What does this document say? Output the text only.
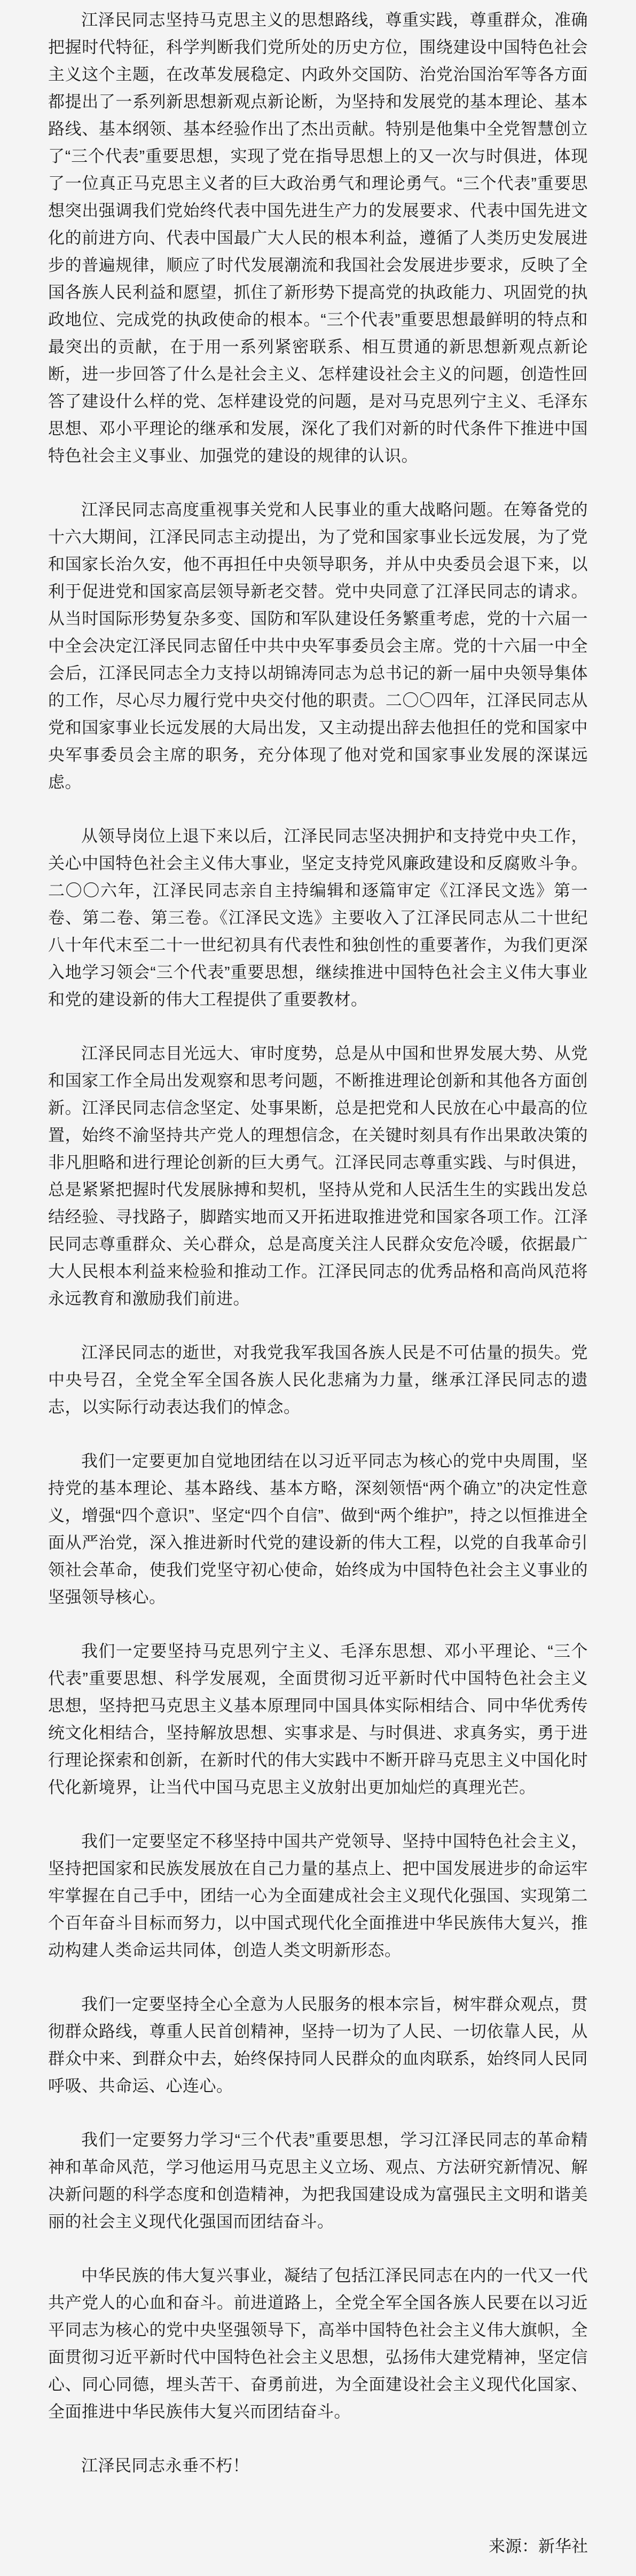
江泽民同志坚持马克思主义的思想路线，尊重实践，尊重群众，准确把握时代特征，科学判断我们党所处的历史方位，围绕建设中国特色社会主义这个主题，在改革发展稳定、内政外交国防、治党治国治军等各方面都提出了一系列新思想新观点新论断，为坚持和发展党的基本理论、基本路线、基本纲领、基本经验作出了杰出贡献。特别是他集中全党智慧创立了“三个代表”重要思想，实现了党在指导思想上的又一次与时俱进，体现了一位真正马克思主义者的巨大政治勇气和理论勇气。“三个代表”重要思想突出强调我们党始终代表中国先进生产力的发展要求、代表中国先进文化的前进方向、代表中国最广大人民的根本利益，遵循了人类历史发展进步的普遍规律，顺应了时代发展潮流和我国社会发展进步要求，反映了全国各族人民利益和愿望，抓住了新形势下提高党的执政能力、巩固党的执政地位、完成党的执政使命的根本。“三个代表”重要思想最鲜明的特点和最突出的贡献，在于用一系列紧密联系、相互贯通的新思想新观点新论断，进一步回答了什么是社会主义、怎样建设社会主义的问题，创造性回答了建设什么样的党、怎样建设党的问题，是对马克思列宁主义、毛泽东思想、邓小平理论的继承和发展，深化了我们对新的时代条件下推进中国特色社会主义事业、加强党的建设的规律的认识。

江泽民同志高度重视事关党和人民事业的重大战略问题。在筹备党的十六大期间，江泽民同志主动提出，为了党和国家事业长远发展，为了党和国家长治久安，他不再担任中央领导职务，并从中央委员会退下来，以利于促进党和国家高层领导新老交替。党中央同意了江泽民同志的请求。从当时国际形势复杂多变、国防和军队建设任务繁重考虑，党的十六届一中全会决定江泽民同志留任中共中央军事委员会主席。党的十六届一中全会后，江泽民同志全力支持以胡锦涛同志为总书记的新一届中央领导集体的工作，尽心尽力履行党中央交付他的职责。二〇〇四年，江泽民同志从党和国家事业长远发展的大局出发，又主动提出辞去他担任的党和国家中央军事委员会主席的职务，充分体现了他对党和国家事业发展的深谋远虑。

从领导岗位上退下来以后，江泽民同志坚决拥护和支持党中央工作，关心中国特色社会主义伟大事业，坚定支持党风廉政建设和反腐败斗争。二〇〇六年，江泽民同志亲自主持编辑和逐篇审定《江泽民文选》第一卷、第二卷、第三卷。《江泽民文选》主要收入了江泽民同志从二十世纪八十年代末至二十一世纪初具有代表性和独创性的重要著作，为我们更深入地学习领会“三个代表”重要思想，继续推进中国特色社会主义伟大事业和党的建设新的伟大工程提供了重要教材。

江泽民同志目光远大、审时度势，总是从中国和世界发展大势、从党和国家工作全局出发观察和思考问题，不断推进理论创新和其他各方面创新。江泽民同志信念坚定、处事果断，总是把党和人民放在心中最高的位置，始终不渝坚持共产党人的理想信念，在关键时刻具有作出果敢决策的非凡胆略和进行理论创新的巨大勇气。江泽民同志尊重实践、与时俱进，总是紧紧把握时代发展脉搏和契机，坚持从党和人民活生生的实践出发总结经验、寻找路子，脚踏实地而又开拓进取推进党和国家各项工作。江泽民同志尊重群众、关心群众，总是高度关注人民群众安危冷暖，依据最广大人民根本利益来检验和推动工作。江泽民同志的优秀品格和高尚风范将永远教育和激励我们前进。

江泽民同志的逝世，对我党我军我国各族人民是不可估量的损失。党中央号召，全党全军全国各族人民化悲痛为力量，继承江泽民同志的遗志，以实际行动表达我们的悼念。

我们一定要更加自觉地团结在以习近平同志为核心的党中央周围，坚持党的基本理论、基本路线、基本方略，深刻领悟“两个确立”的决定性意义，增强“四个意识”、坚定“四个自信”、做到“两个维护”，持之以恒推进全面从严治党，深入推进新时代党的建设新的伟大工程，以党的自我革命引领社会革命，使我们党坚守初心使命，始终成为中国特色社会主义事业的坚强领导核心。

我们一定要坚持马克思列宁主义、毛泽东思想、邓小平理论、“三个代表”重要思想、科学发展观，全面贯彻习近平新时代中国特色社会主义思想，坚持把马克思主义基本原理同中国具体实际相结合、同中华优秀传统文化相结合，坚持解放思想、实事求是、与时俱进、求真务实，勇于进行理论探索和创新，在新时代的伟大实践中不断开辟马克思主义中国化时代化新境界，让当代中国马克思主义放射出更加灿烂的真理光芒。

我们一定要坚定不移坚持中国共产党领导、坚持中国特色社会主义，坚持把国家和民族发展放在自己力量的基点上、把中国发展进步的命运牢牢掌握在自己手中，团结一心为全面建成社会主义现代化强国、实现第二个百年奋斗目标而努力，以中国式现代化全面推进中华民族伟大复兴，推动构建人类命运共同体，创造人类文明新形态。

我们一定要坚持全心全意为人民服务的根本宗旨，树牢群众观点，贯彻群众路线，尊重人民首创精神，坚持一切为了人民、一切依靠人民，从群众中来、到群众中去，始终保持同人民群众的血肉联系，始终同人民同呼吸、共命运、心连心。

我们一定要努力学习“三个代表”重要思想，学习江泽民同志的革命精神和革命风范，学习他运用马克思主义立场、观点、方法研究新情况、解决新问题的科学态度和创造精神，为把我国建设成为富强民主文明和谐美丽的社会主义现代化强国而团结奋斗。

中华民族的伟大复兴事业，凝结了包括江泽民同志在内的一代又一代共产党人的心血和奋斗。前进道路上，全党全军全国各族人民要在以习近平同志为核心的党中央坚强领导下，高举中国特色社会主义伟大旗帜，全面贯彻习近平新时代中国特色社会主义思想，弘扬伟大建党精神，坚定信心、同心同德，埋头苦干、奋勇前进，为全面建设社会主义现代化国家、全面推进中华民族伟大复兴而团结奋斗。

江泽民同志永垂不朽！

来源：新华社
